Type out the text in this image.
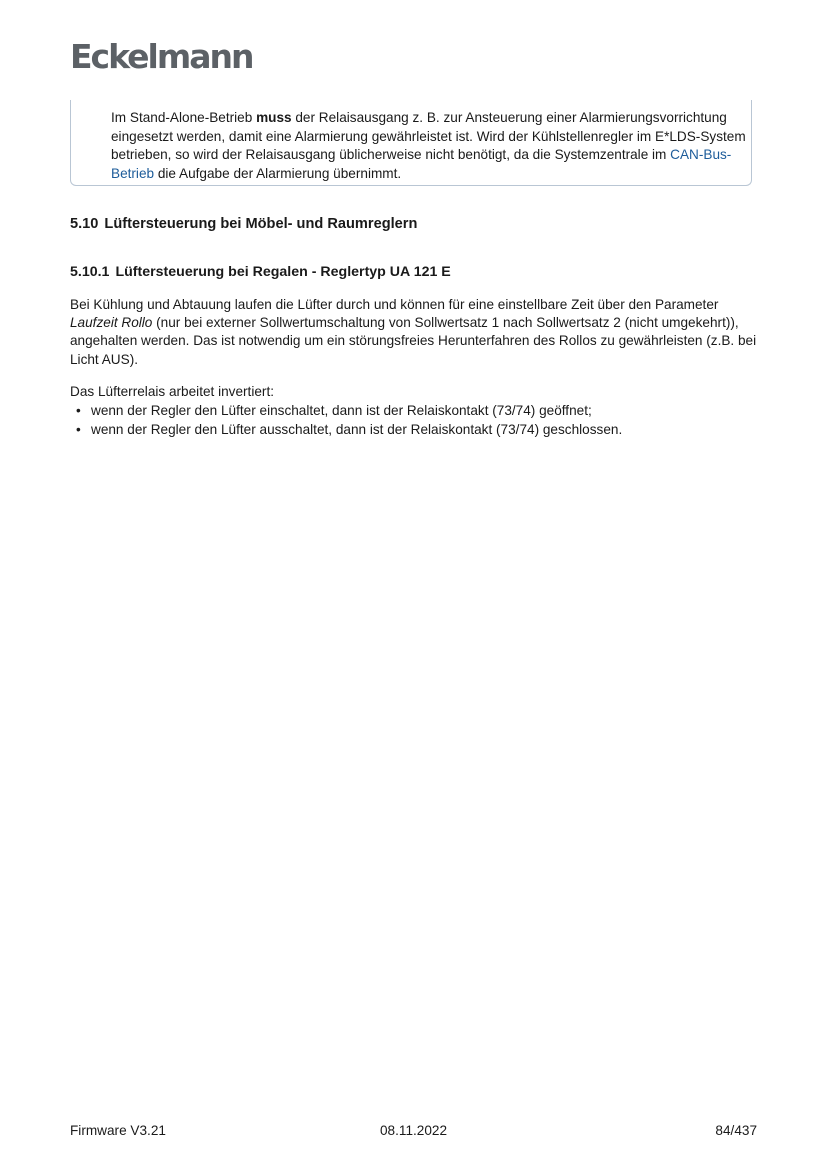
Eckelmann
Im Stand-Alone-Betrieb muss der Relaisausgang z. B. zur Ansteuerung einer Alarmierungsvorrichtung eingesetzt werden, damit eine Alarmierung gewährleistet ist. Wird der Kühlstellenregler im E*LDS-System betrieben, so wird der Relaisausgang üblicherweise nicht benötigt, da die Systemzentrale im CAN-Bus-Betrieb die Aufgabe der Alarmierung übernimmt.
5.10 Lüftersteuerung bei Möbel- und Raumreglern
5.10.1 Lüftersteuerung bei Regalen - Reglertyp UA 121 E

Bei Kühlung und Abtauung laufen die Lüfter durch und können für eine einstellbare Zeit über den Parameter Laufzeit Rollo (nur bei externer Sollwertumschaltung von Sollwertsatz 1 nach Sollwertsatz 2 (nicht umgekehrt)), angehalten werden. Das ist notwendig um ein störungsfreies Herunterfahren des Rollos zu gewährleisten (z.B. bei Licht AUS).

Das Lüfterrelais arbeitet invertiert:

• wenn der Regler den Lüfter einschaltet, dann ist der Relaiskontakt (73/74) geöffnet;
• wenn der Regler den Lüfter ausschaltet, dann ist der Relaiskontakt (73/74) geschlossen.
Firmware V3.21	08.11.2022	84/437
